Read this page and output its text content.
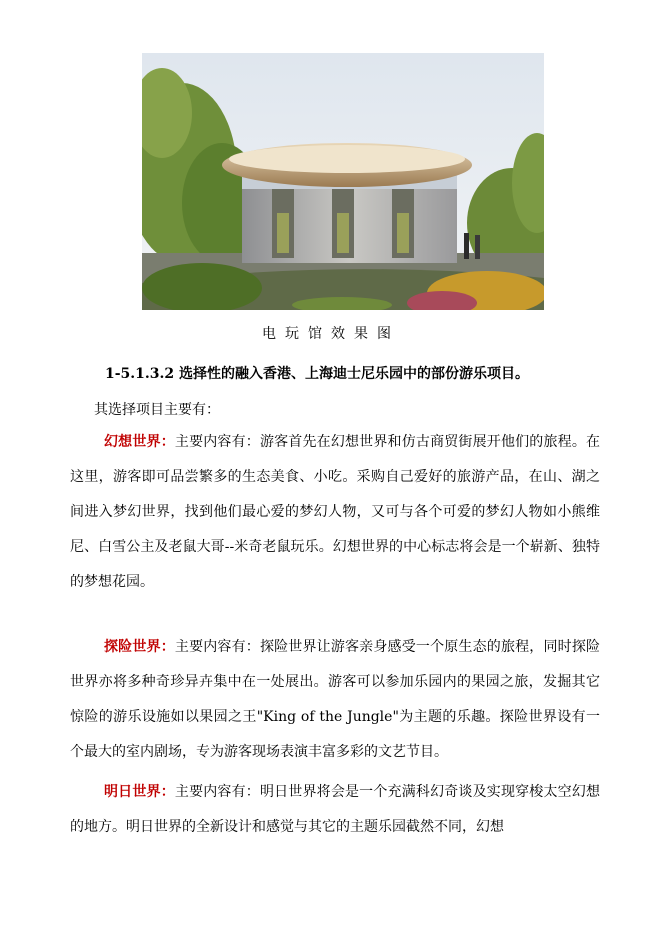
电玩馆效果图
1-5.1.3.2 选择性的融入香港、上海迪士尼乐园中的部份游乐项目。
其选择项目主要有：
幻想世界：主要内容有：游客首先在幻想世界和仿古商贸街展开他们的旅程。在这里，游客即可品尝繁多的生态美食、小吃。采购自己爱好的旅游产品，在山、湖之间进入梦幻世界，找到他们最心爱的梦幻人物，又可与各个可爱的梦幻人物如小熊维尼、白雪公主及老鼠大哥--米奇老鼠玩乐。幻想世界的中心标志将会是一个崭新、独特的梦想花园。
探险世界：主要内容有：探险世界让游客亲身感受一个原生态的旅程，同时探险世界亦将多种奇珍异卉集中在一处展出。游客可以参加乐园内的果园之旅，发掘其它惊险的游乐设施如以果园之王"King of the Jungle"为主题的乐趣。探险世界设有一个最大的室内剧场，专为游客现场表演丰富多彩的文艺节目。
明日世界：主要内容有：明日世界将会是一个充满科幻奇谈及实现穿梭太空幻想的地方。明日世界的全新设计和感觉与其它的主题乐园截然不同，幻想
